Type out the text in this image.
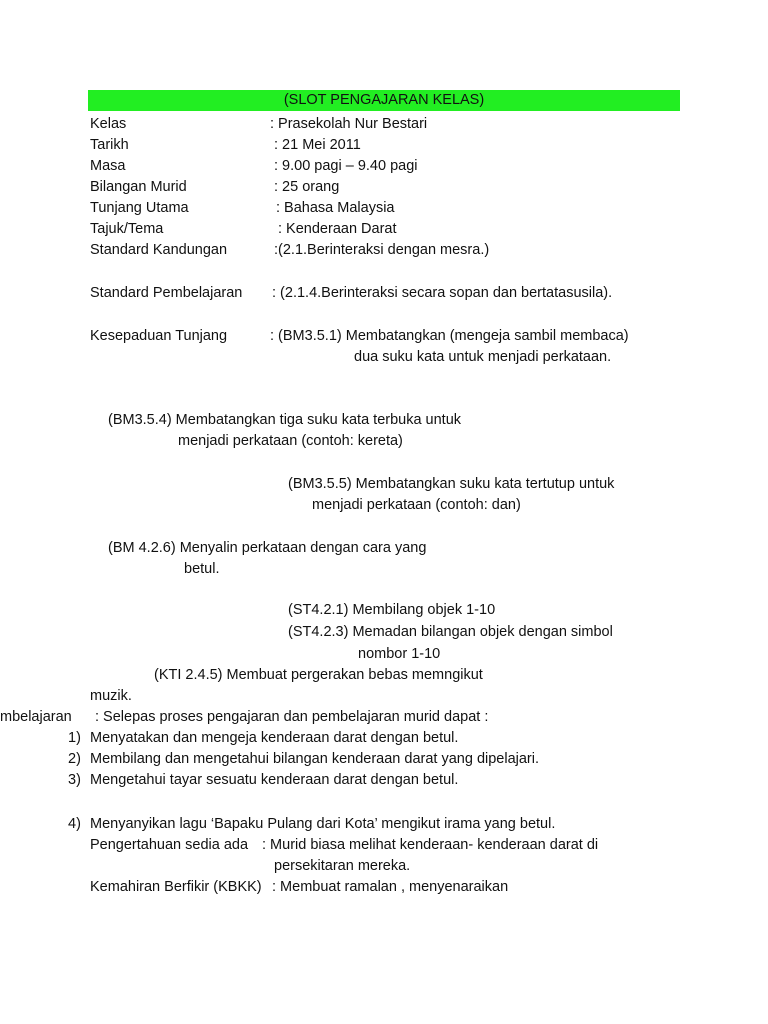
(SLOT PENGAJARAN KELAS)
Kelas	: Prasekolah Nur Bestari
Tarikh	: 21 Mei 2011
Masa	: 9.00 pagi – 9.40 pagi
Bilangan Murid	: 25 orang
Tunjang Utama	: Bahasa Malaysia
Tajuk/Tema	: Kenderaan Darat
Standard Kandungan	:(2.1.Berinteraksi dengan mesra.)
Standard Pembelajaran : (2.1.4.Berinteraksi secara sopan dan bertatasusila).
Kesepaduan Tunjang	: (BM3.5.1) Membatangkan (mengeja sambil membaca)
dua suku kata untuk menjadi perkataan.
(BM3.5.4) Membatangkan tiga suku kata terbuka untuk
menjadi perkataan (contoh: kereta)
(BM3.5.5) Membatangkan suku kata tertutup untuk
menjadi perkataan (contoh: dan)
(BM 4.2.6) Menyalin perkataan dengan cara yang
betul.
(ST4.2.1) Membilang objek 1-10
(ST4.2.3) Memadan bilangan objek dengan simbol
nombor 1-10
(KTI 2.4.5) Membuat pergerakan bebas memngikut
muzik.
mbelajaran : Selepas proses pengajaran dan pembelajaran murid dapat :
1) Menyatakan dan mengeja kenderaan darat dengan betul.
2) Membilang dan mengetahui bilangan kenderaan darat yang dipelajari.
3) Mengetahui tayar sesuatu kenderaan darat dengan betul.
4) Menyanyikan lagu ‘Bapaku Pulang dari Kota’ mengikut irama yang betul.
Pengertahuan sedia ada : Murid biasa melihat kenderaan- kenderaan darat di
persekitaran mereka.
Kemahiran Berfikir (KBKK) : Membuat ramalan , menyenaraikan
